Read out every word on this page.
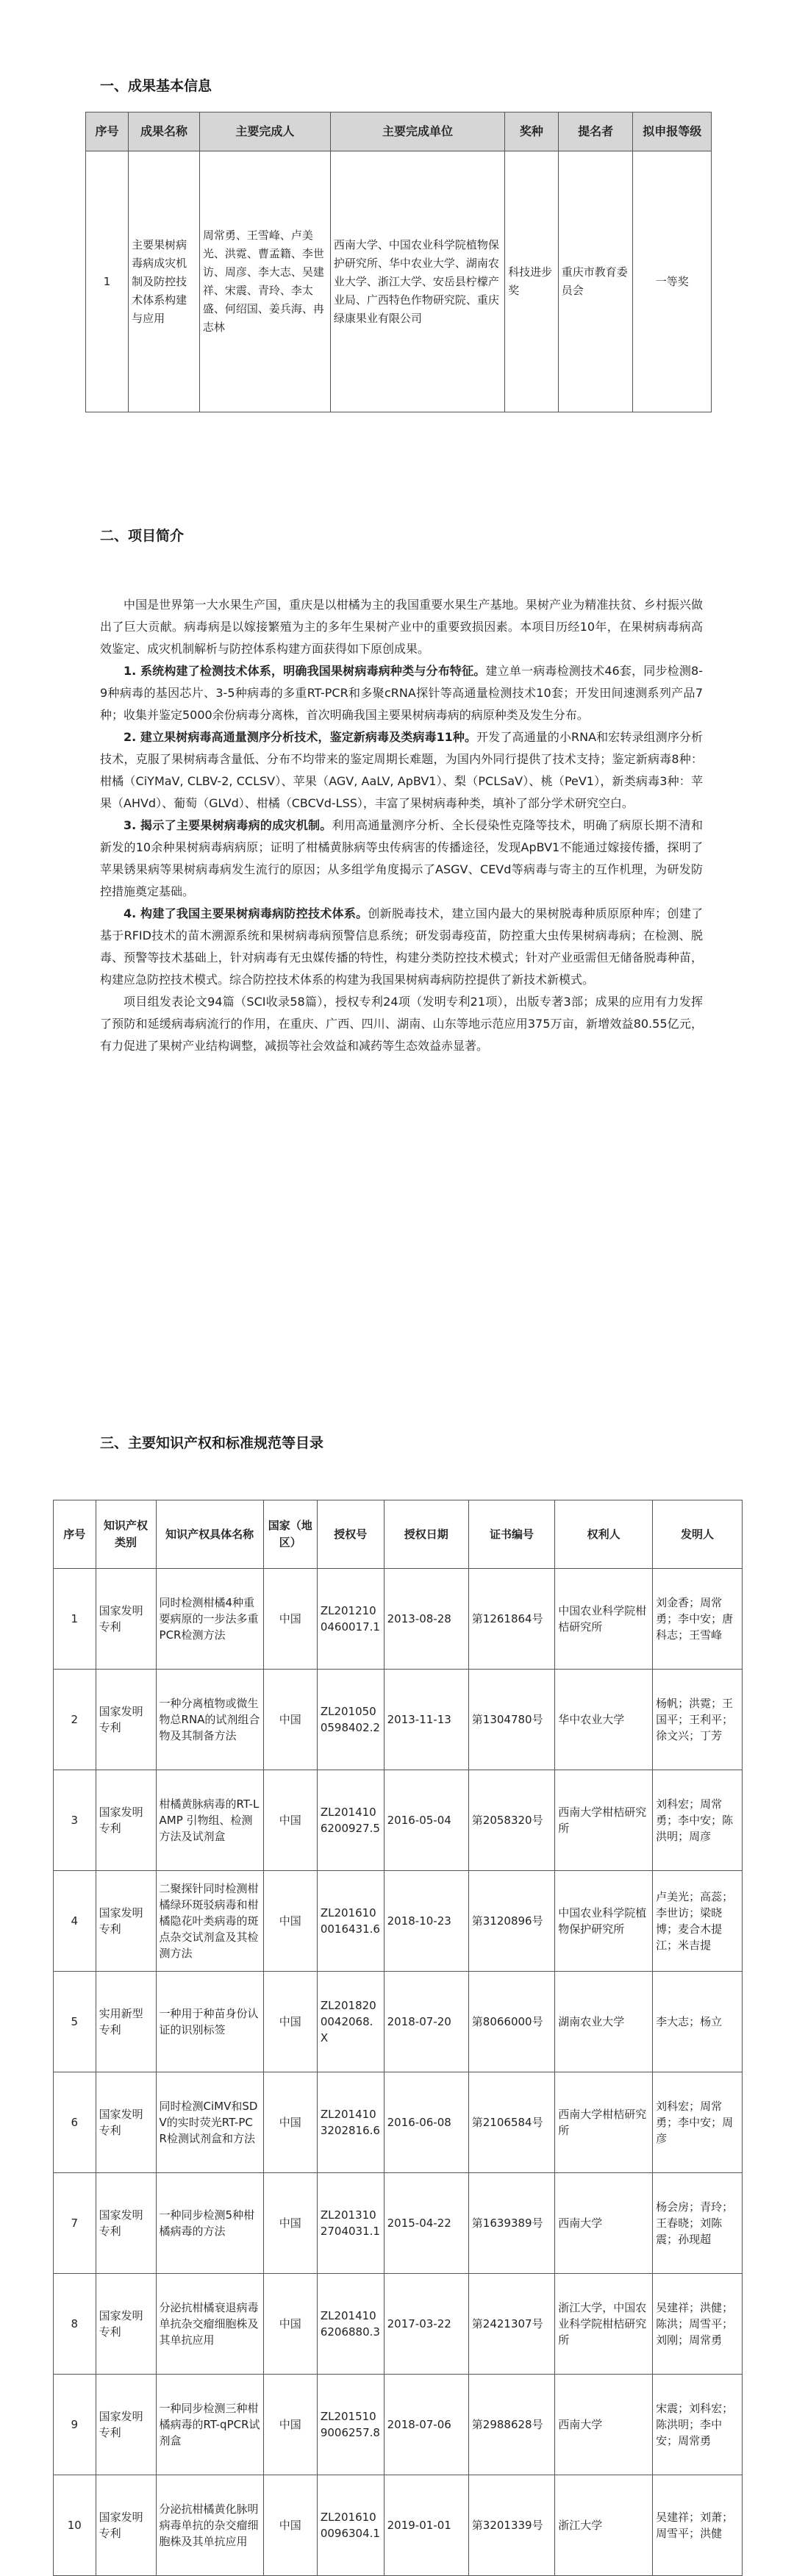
一、成果基本信息
序号	成果名称	主要完成人	主要完成单位	奖种	提名者	拟申报等级
1	主要果树病毒病成灾机制及防控技术体系构建与应用	周常勇、王雪峰、卢美光、洪霓、曹孟籍、李世访、周彦、李大志、吴建祥、宋震、青玲、李太盛、何绍国、姜兵海、冉志林	西南大学、中国农业科学院植物保护研究所、华中农业大学、湖南农业大学、浙江大学、安岳县柠檬产业局、广西特色作物研究院、重庆绿康果业有限公司	科技进步奖	重庆市教育委员会	一等奖
二、项目简介

中国是世界第一大水果生产国，重庆是以柑橘为主的我国重要水果生产基地。果树产业为精准扶贫、乡村振兴做出了巨大贡献。病毒病是以嫁接繁殖为主的多年生果树产业中的重要致损因素。本项目历经10年，在果树病毒病高效鉴定、成灾机制解析与防控体系构建方面获得如下原创成果。

1. 系统构建了检测技术体系，明确我国果树病毒病种类与分布特征。建立单一病毒检测技术46套，同步检测8-9种病毒的基因芯片、3-5种病毒的多重RT-PCR和多聚cRNA探针等高通量检测技术10套；开发田间速测系列产品7种；收集并鉴定5000余份病毒分离株，首次明确我国主要果树病毒病的病原种类及发生分布。

2. 建立果树病毒高通量测序分析技术，鉴定新病毒及类病毒11种。开发了高通量的小RNA和宏转录组测序分析技术，克服了果树病毒含量低、分布不均带来的鉴定周期长难题，为国内外同行提供了技术支持；鉴定新病毒8种：柑橘（CiYMaV, CLBV-2, CCLSV）、苹果（AGV, AaLV, ApBV1）、梨（PCLSaV）、桃（PeV1），新类病毒3种：苹果（AHVd）、葡萄（GLVd）、柑橘（CBCVd-LSS），丰富了果树病毒种类，填补了部分学术研究空白。

3. 揭示了主要果树病毒病的成灾机制。利用高通量测序分析、全长侵染性克隆等技术，明确了病原长期不清和新发的10余种果树病毒病病原；证明了柑橘黄脉病等虫传病害的传播途径，发现ApBV1不能通过嫁接传播，探明了苹果锈果病等果树病毒病发生流行的原因；从多组学角度揭示了ASGV、CEVd等病毒与寄主的互作机理，为研发防控措施奠定基础。

4. 构建了我国主要果树病毒病防控技术体系。创新脱毒技术，建立国内最大的果树脱毒种质原原种库；创建了基于RFID技术的苗木溯源系统和果树病毒病预警信息系统；研发弱毒疫苗，防控重大虫传果树病毒病；在检测、脱毒、预警等技术基础上，针对病毒有无虫媒传播的特性，构建分类防控技术模式；针对产业亟需但无储备脱毒种苗，构建应急防控技术模式。综合防控技术体系的构建为我国果树病毒病防控提供了新技术新模式。

项目组发表论文94篇（SCI收录58篇），授权专利24项（发明专利21项），出版专著3部；成果的应用有力发挥了预防和延缓病毒病流行的作用，在重庆、广西、四川、湖南、山东等地示范应用375万亩，新增效益80.55亿元，有力促进了果树产业结构调整，减损等社会效益和减药等生态效益赤显著。

三、主要知识产权和标准规范等目录
序号	知识产权类别	知识产权具体名称	国家（地区）	授权号	授权日期	证书编号	权利人	发明人
1	国家发明专利	同时检测柑橘4种重要病原的一步法多重PCR检测方法	中国	ZL2012100460017.1	2013-08-28	第1261864号	中国农业科学院柑桔研究所	刘金香；周常勇；李中安；唐科志；王雪峰
2	国家发明专利	一种分离植物或微生物总RNA的试剂组合物及其制备方法	中国	ZL2010500598402.2	2013-11-13	第1304780号	华中农业大学	杨帆；洪霓；王国平；王利平；徐文兴；丁芳
3	国家发明专利	柑橘黄脉病毒的RT-LAMP 引物组、检测方法及试剂盒	中国	ZL2014106200927.5	2016-05-04	第2058320号	西南大学柑桔研究所	刘科宏；周常勇；李中安；陈洪明；周彦
4	国家发明专利	二聚探针同时检测柑橘绿环斑驳病毒和柑橘隐花叶类病毒的斑点杂交试剂盒及其检测方法	中国	ZL2016100016431.6	2018-10-23	第3120896号	中国农业科学院植物保护研究所	卢美光；高蕊；李世访；梁晓博；麦合木提江；米吉提
5	实用新型专利	一种用于种苗身份认证的识别标签	中国	ZL2018200042068.X	2018-07-20	第8066000号	湖南农业大学	李大志；杨立
6	国家发明专利	同时检测CiMV和SDV的实时荧光RT-PCR检测试剂盒和方法	中国	ZL2014103202816.6	2016-06-08	第2106584号	西南大学柑桔研究所	刘科宏；周常勇；李中安；周彦
7	国家发明专利	一种同步检测5种柑橘病毒的方法	中国	ZL2013102704031.1	2015-04-22	第1639389号	西南大学	杨会房；青玲；王春晓；刘陈震；孙现超
8	国家发明专利	分泌抗柑橘衰退病毒单抗杂交瘤细胞株及其单抗应用	中国	ZL2014106206880.3	2017-03-22	第2421307号	浙江大学，中国农业科学院柑桔研究所	吴建祥；洪健；陈洪；周雪平；刘刚；周常勇
9	国家发明专利	一种同步检测三种柑橘病毒的RT-qPCR试剂盒	中国	ZL2015109006257.8	2018-07-06	第2988628号	西南大学	宋震；刘科宏；陈洪明；李中安；周常勇
10	国家发明专利	分泌抗柑橘黄化脉明病毒单抗的杂交瘤细胞株及其单抗应用	中国	ZL2016100096304.1	2019-01-01	第3201339号	浙江大学	吴建祥；刘萧；周雪平；洪健
